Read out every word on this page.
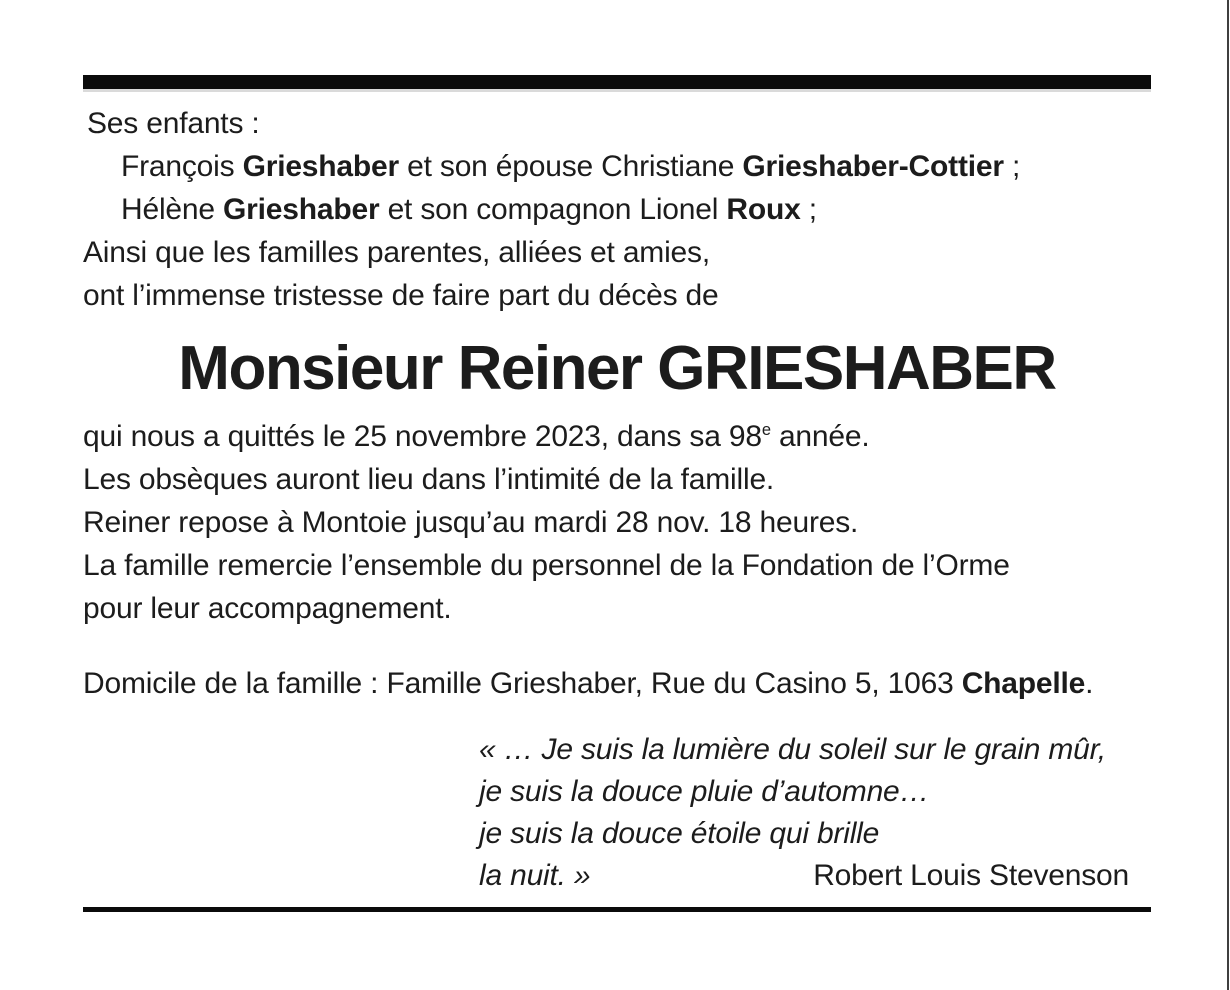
Ses enfants :

François Grieshaber et son épouse Christiane Grieshaber-Cottier ;

Hélène Grieshaber et son compagnon Lionel Roux ;

Ainsi que les familles parentes, alliées et amies,

ont l’immense tristesse de faire part du décès de

Monsieur Reiner GRIESHABER

qui nous a quittés le 25 novembre 2023, dans sa 98e année.

Les obsèques auront lieu dans l’intimité de la famille.

Reiner repose à Montoie jusqu’au mardi 28 nov. 18 heures.

La famille remercie l’ensemble du personnel de la Fondation de l’Orme

pour leur accompagnement.

Domicile de la famille : Famille Grieshaber, Rue du Casino 5, 1063 Chapelle.

« … Je suis la lumière du soleil sur le grain mûr,

je suis la douce pluie d’automne…

je suis la douce étoile qui brille

la nuit. »	Robert Louis Stevenson
